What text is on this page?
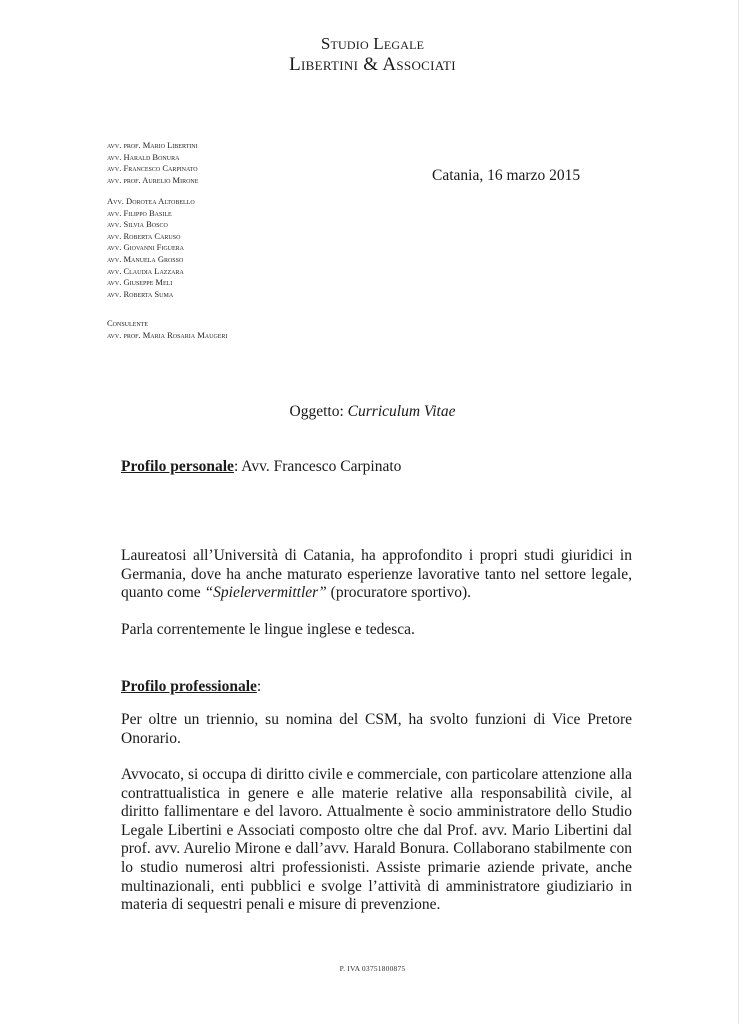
Studio Legale
Libertini & Associati
avv. prof. Mario Libertini
avv. Harald Bonura
avv. Francesco Carpinato
avv. prof. Aurelio Mirone	Catania, 16 marzo 2015
Avv. Dorotea Altobello
avv. Filippo Basile
avv. Silvia Bosco
avv. Roberta Caruso
avv. Giovanni Figuera
avv. Manuela Grosso
avv. Claudia Lazzara
avv. Giuseppe Meli
avv. Roberta Suma
Consulente
avv. prof. Maria Rosaria Maugeri
Oggetto: Curriculum Vitae
Profilo personale: Avv. Francesco Carpinato
Laureatosi all’Università di Catania, ha approfondito i propri studi giuridici in Germania, dove ha anche maturato esperienze lavorative tanto nel settore legale, quanto come “Spielervermittler” (procuratore sportivo).
Parla correntemente le lingue inglese e tedesca.
Profilo professionale:
Per oltre un triennio, su nomina del CSM, ha svolto funzioni di Vice Pretore Onorario.
Avvocato, si occupa di diritto civile e commerciale, con particolare attenzione alla contrattualistica in genere e alle materie relative alla responsabilità civile, al diritto fallimentare e del lavoro. Attualmente è socio amministratore dello Studio Legale Libertini e Associati composto oltre che dal Prof. avv. Mario Libertini dal prof. avv. Aurelio Mirone e dall’avv. Harald Bonura. Collaborano stabilmente con lo studio numerosi altri professionisti. Assiste primarie aziende private, anche multinazionali, enti pubblici e svolge l’attività di amministratore giudiziario in materia di sequestri penali e misure di prevenzione.
P. IVA 03751800875
